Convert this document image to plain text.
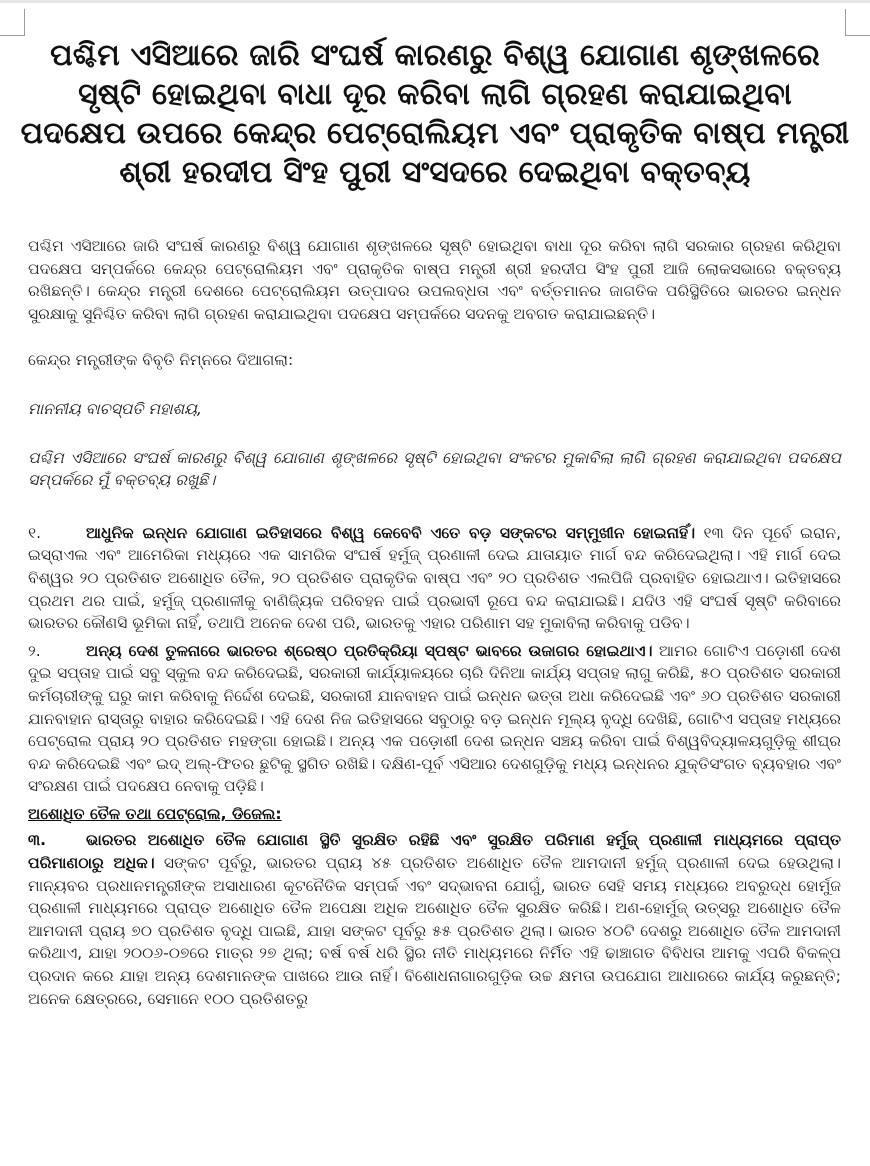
ପଶ୍ଚିମ ଏସିଆରେ ଜାରି ସଂଘର୍ଷ କାରଣରୁ ବିଶ୍ୱ ଯୋଗାଣ ଶୃଙ୍ଖଳରେ
ସୃଷ୍ଟି ହୋଇଥିବା ବାଧା ଦୂର କରିବା ଲାଗି ଗ୍ରହଣ କରାଯାଇଥିବା
ପଦକ୍ଷେପ ଉପରେ କେନ୍ଦ୍ର ପେଟ୍ରୋଲିୟମ ଏବଂ ପ୍ରାକୃତିକ ବାଷ୍ପ ମନ୍ତ୍ରୀ
ଶ୍ରୀ ହରଦୀପ ସିଂହ ପୁରୀ ସଂସଦରେ ଦେଇଥିବା ବକ୍ତବ୍ୟ

ପଶ୍ଚିମ ଏସିଆରେ ଜାରି ସଂଘର୍ଷ କାରଣରୁ ବିଶ୍ୱ ଯୋଗାଣ ଶୃଙ୍ଖଳରେ ସୃଷ୍ଟି ହୋଇଥିବା ବାଧା ଦୂର କରିବା ଲାଗି ସରକାର ଗ୍ରହଣ କରିଥିବା ପଦକ୍ଷେପ ସମ୍ପର୍କରେ କେନ୍ଦ୍ର ପେଟ୍ରୋଲିୟମ ଏବଂ ପ୍ରାକୃତିକ ବାଷ୍ପ ମନ୍ତ୍ରୀ ଶ୍ରୀ ହରଦୀପ ସିଂହ ପୁରୀ ଆଜି ଲୋକସଭାରେ ବକ୍ତବ୍ୟ ରଖିଛନ୍ତି। କେନ୍ଦ୍ର ମନ୍ତ୍ରୀ ଦେଶରେ ପେଟ୍ରୋଲିୟମ ଉତ୍ପାଦର ଉପଲବ୍ଧତା ଏବଂ ବର୍ତ୍ତମାନର ଜାଗତିକ ପରିସ୍ଥିତିରେ ଭାରତର ଇନ୍ଧନ ସୁରକ୍ଷାକୁ ସୁନିଶ୍ଚିତ କରିବା ଲାଗି ଗ୍ରହଣ କରାଯାଇଥିବା ପଦକ୍ଷେପ ସମ୍ପର୍କରେ ସଦନକୁ ଅବଗତ କରାଯାଇଛନ୍ତି।

କେନ୍ଦ୍ର ମନ୍ତ୍ରୀଙ୍କ ବିବୃତି ନିମ୍ନରେ ଦିଆଗଲା:

ମାନନୀୟ ବାଚସ୍ପତି ମହାଶୟ,

ପଶ୍ଚିମ ଏସିଆରେ ସଂଘର୍ଷ କାରଣରୁ ବିଶ୍ୱ ଯୋଗାଣ ଶୃଙ୍ଖଳରେ ସୃଷ୍ଟି ହୋଇଥିବା ସଂକଟର ମୁକାବିଲା ଲାଗି ଗ୍ରହଣ କରାଯାଇଥିବା ପଦକ୍ଷେପ ସମ୍ପର୍କରେ ମୁଁ ବକ୍ତବ୍ୟ ରଖୁଛି।

୧.	ଆଧୁନିକ ଇନ୍ଧନ ଯୋଗାଣ ଇତିହାସରେ ବିଶ୍ୱ କେବେବି ଏତେ ବଡ଼ ସଙ୍କଟର ସମ୍ମୁଖୀନ ହୋଇନାହିଁ। ୧୩ ଦିନ ପୂର୍ବେ ଇରାନ, ଇସ୍ରାଏଲ ଏବଂ ଆମେରିକା ମଧ୍ୟରେ ଏକ ସାମରିକ ସଂଘର୍ଷ ହର୍ମୁଜ୍ ପ୍ରଣାଳୀ ଦେଇ ଯାତାୟାତ ମାର୍ଗ ବନ୍ଦ କରିଦେଇଥିଲା। ଏହି ମାର୍ଗ ଦେଇ ବିଶ୍ୱର ୨୦ ପ୍ରତିଶତ ଅଶୋଧିତ ତୈଳ, ୨୦ ପ୍ରତିଶତ ପ୍ରାକୃତିକ ବାଷ୍ପ ଏବଂ ୨୦ ପ୍ରତିଶତ ଏଲପିଜି ପ୍ରବାହିତ ହୋଇଥାଏ। ଇତିହାସରେ ପ୍ରଥମ ଥର ପାଇଁ, ହର୍ମୁଜ୍ ପ୍ରଣାଳୀକୁ ବାଣିଜ୍ୟିକ ପରିବହନ ପାଇଁ ପ୍ରଭାବୀ ରୂପେ ବନ୍ଦ କରାଯାଇଛି। ଯଦିଓ ଏହି ସଂଘର୍ଷ ସୃଷ୍ଟି କରିବାରେ ଭାରତର କୌଣସି ଭୂମିକା ନାହିଁ, ତଥାପି ଅନେକ ଦେଶ ପରି, ଭାରତକୁ ଏହାର ପରିଣାମ ସହ ମୁକାବିଲା କରିବାକୁ ପଡିବ।

୨.	ଅନ୍ୟ ଦେଶ ତୁଳନାରେ ଭାରତର ଶ୍ରେଷ୍ଠ ପ୍ରତିକ୍ରିୟା ସ୍ପଷ୍ଟ ଭାବରେ ଉଜାଗର ହୋଇଥାଏ। ଆମର ଗୋଟିଏ ପଡ଼ୋଶୀ ଦେଶ ଦୁଇ ସପ୍ତାହ ପାଇଁ ସବୁ ସ୍କୁଲ ବନ୍ଦ କରିଦେଇଛି, ସରକାରୀ କାର୍ଯ୍ୟାଳୟରେ ଚାରି ଦିନିଆ କାର୍ଯ୍ୟ ସପ୍ତାହ ଲାଗୁ କରିଛି, ୫୦ ପ୍ରତିଶତ ସରକାରୀ କର୍ମଚାରୀଙ୍କୁ ଘରୁ କାମ କରିବାକୁ ନିର୍ଦ୍ଦେଶ ଦେଇଛି, ସରକାରୀ ଯାନବାହନ ପାଇଁ ଇନ୍ଧନ ଭତ୍ତା ଅଧା କରିଦେଇଛି ଏବଂ ୬୦ ପ୍ରତିଶତ ସରକାରୀ ଯାନବାହାନ ରାସ୍ତାରୁ ବାହାର କରିଦେଇଛି। ଏହି ଦେଶ ନିଜ ଇତିହାସରେ ସବୁଠାରୁ ବଡ଼ ଇନ୍ଧନ ମୂଲ୍ୟ ବୃଦ୍ଧି ଦେଖିଛି, ଗୋଟିଏ ସପ୍ତାହ ମଧ୍ୟରେ ପେଟ୍ରୋଲ ପ୍ରାୟ ୨୦ ପ୍ରତିଶତ ମହଙ୍ଗା ହୋଇଛି। ଅନ୍ୟ ଏକ ପଡ଼ୋଶୀ ଦେଶ ଇନ୍ଧନ ସଞ୍ଚୟ କରିବା ପାଇଁ ବିଶ୍ୱବିଦ୍ୟାଳୟଗୁଡ଼ିକୁ ଶୀଘ୍ର ବନ୍ଦ କରିଦେଇଛି ଏବଂ ଇଦ୍ ଅଲ୍-ଫିତର ଛୁଟିକୁ ସ୍ଥଗିତ ରଖିଛି। ଦକ୍ଷିଣ-ପୂର୍ବ ଏସିଆର ଦେଶଗୁଡ଼ିକୁ ମଧ୍ୟ ଇନ୍ଧନର ଯୁକ୍ତିସଂଗତ ବ୍ୟବହାର ଏବଂ ସଂରକ୍ଷଣ ପାଇଁ ପଦକ୍ଷେପ ନେବାକୁ ପଡ଼ିଛି।

ଅଶୋଧିତ ତୈଳ ତଥା ପେଟ୍ରୋଲ, ଡିଜେଲ:

୩.	ଭାରତର ଅଶୋଧିତ ତୈଳ ଯୋଗାଣ ସ୍ଥିତି ସୁରକ୍ଷିତ ରହିଛି ଏବଂ ସୁରକ୍ଷିତ ପରିମାଣ ହର୍ମୁଜ୍ ପ୍ରଣାଳୀ ମାଧ୍ୟମରେ ପ୍ରାପ୍ତ ପରିମାଣଠାରୁ ଅଧିକ। ସଙ୍କଟ ପୂର୍ବରୁ, ଭାରତର ପ୍ରାୟ ୪୫ ପ୍ରତିଶତ ଅଶୋଧିତ ତୈଳ ଆମଦାନୀ ହର୍ମୁଜ୍ ପ୍ରଣାଳୀ ଦେଇ ହେଉଥିଲା। ମାନ୍ୟବର ପ୍ରଧାନମନ୍ତ୍ରୀଙ୍କ ଅସାଧାରଣ କୂଟନୈତିକ ସମ୍ପର୍କ ଏବଂ ସଦ୍ଭାବନା ଯୋଗୁଁ, ଭାରତ ସେହି ସମୟ ମଧ୍ୟରେ ଅବରୁଦ୍ଧ ହୋର୍ମୁଜ ପ୍ରଣାଳୀ ମାଧ୍ୟମରେ ପ୍ରାପ୍ତ ଅଶୋଧିତ ତୈଳ ଅପେକ୍ଷା ଅଧିକ ଅଶୋଧିତ ତୈଳ ସୁରକ୍ଷିତ କରିଛି। ଅଣ-ହୋର୍ମୁଜ୍ ଉତ୍ସରୁ ଅଶୋଧିତ ତୈଳ ଆମଦାନୀ ପ୍ରାୟ ୭୦ ପ୍ରତିଶତ ବୃଦ୍ଧି ପାଇଛି, ଯାହା ସଙ୍କଟ ପୂର୍ବରୁ ୫୫ ପ୍ରତିଶତ ଥିଲା। ଭାରତ ୪୦ଟି ଦେଶରୁ ଅଶୋଧିତ ତୈଳ ଆମଦାନୀ କରିଥାଏ, ଯାହା ୨୦୦୬-୦୭ରେ ମାତ୍ର ୨୭ ଥିଲା; ବର୍ଷ ବର୍ଷ ଧରି ସ୍ଥିର ନୀତି ମାଧ୍ୟମରେ ନିର୍ମିତ ଏହି ଢାଞ୍ଚାଗତ ବିବିଧତା ଆମକୁ ଏପରି ବିକଳ୍ପ ପ୍ରଦାନ କରେ ଯାହା ଅନ୍ୟ ଦେଶମାନଙ୍କ ପାଖରେ ଆଉ ନାହିଁ। ବିଶୋଧନାଗାରଗୁଡ଼ିକ ଉଚ୍ଚ କ୍ଷମତା ଉପଯୋଗ ଆଧାରରେ କାର୍ଯ୍ୟ କରୁଛନ୍ତି; ଅନେକ କ୍ଷେତ୍ରରେ, ସେମାନେ ୧୦୦ ପ୍ରତିଶତରୁ
